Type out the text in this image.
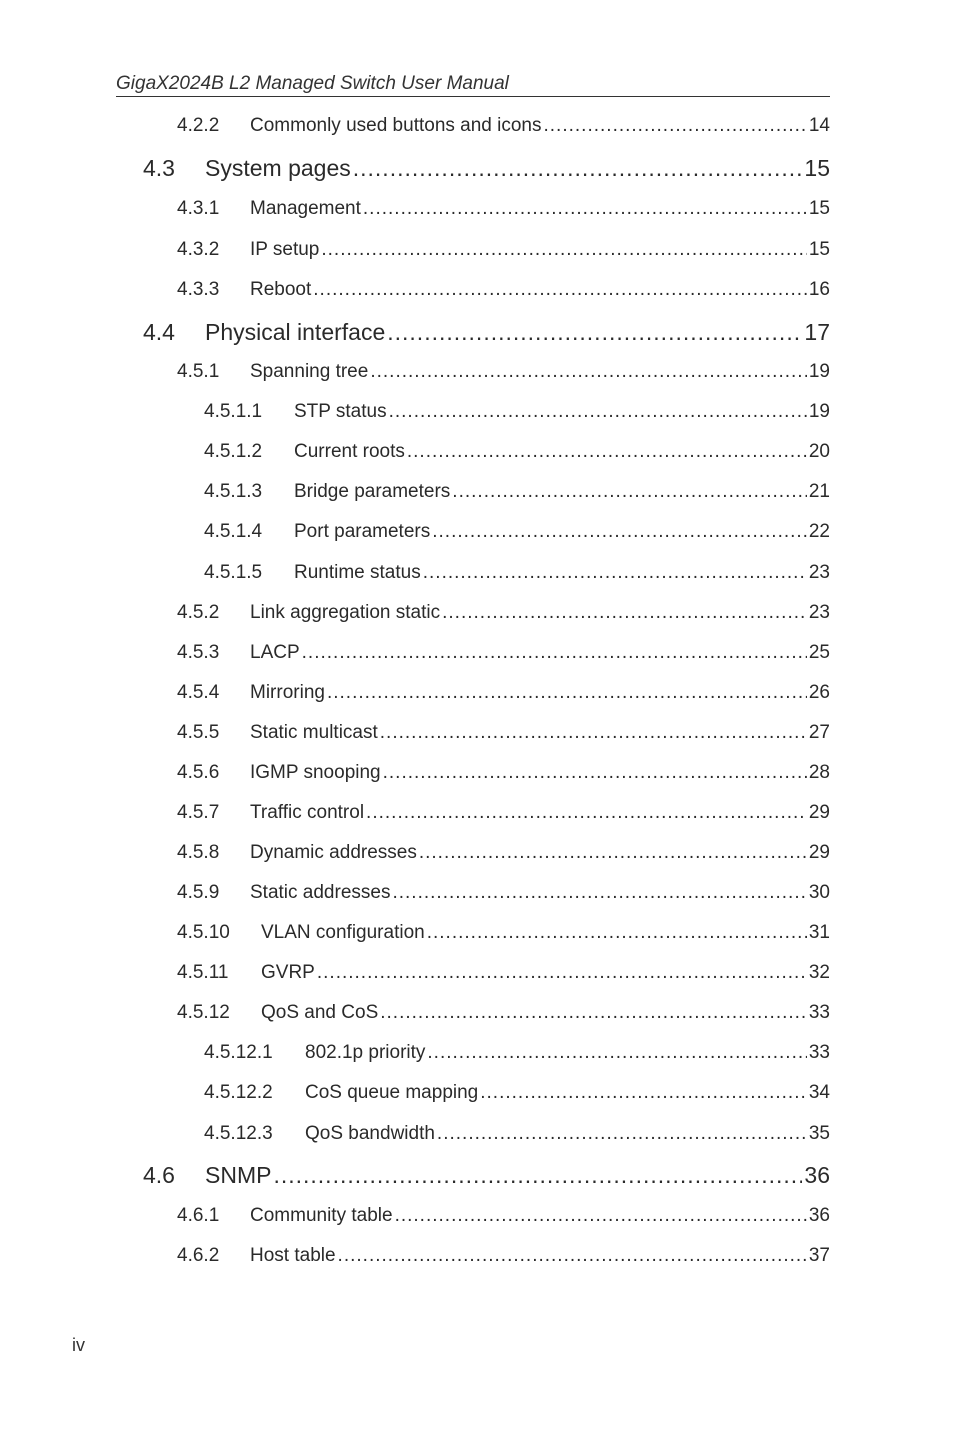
GigaX2024B L2 Managed Switch User Manual
4.2.2	Commonly used buttons and icons .....	14
4.3	System pages .....	15
4.3.1	Management .....	15
4.3.2	IP setup .....	15
4.3.3	Reboot .....	16
4.4	Physical interface .....	17
4.5.1	Spanning tree .....	19
4.5.1.1	STP status .....	19
4.5.1.2	Current roots .....	20
4.5.1.3	Bridge parameters .....	21
4.5.1.4	Port parameters .....	22
4.5.1.5	Runtime status .....	23
4.5.2	Link aggregation static .....	23
4.5.3	LACP .....	25
4.5.4	Mirroring .....	26
4.5.5	Static multicast .....	27
4.5.6	IGMP snooping .....	28
4.5.7	Traffic control .....	29
4.5.8	Dynamic addresses .....	29
4.5.9	Static addresses .....	30
4.5.10	VLAN configuration .....	31
4.5.11	GVRP .....	32
4.5.12	QoS and CoS .....	33
4.5.12.1	802.1p priority .....	33
4.5.12.2	CoS queue mapping .....	34
4.5.12.3	QoS bandwidth .....	35
4.6	SNMP .....	36
4.6.1	Community table .....	36
4.6.2	Host table .....	37
iv
